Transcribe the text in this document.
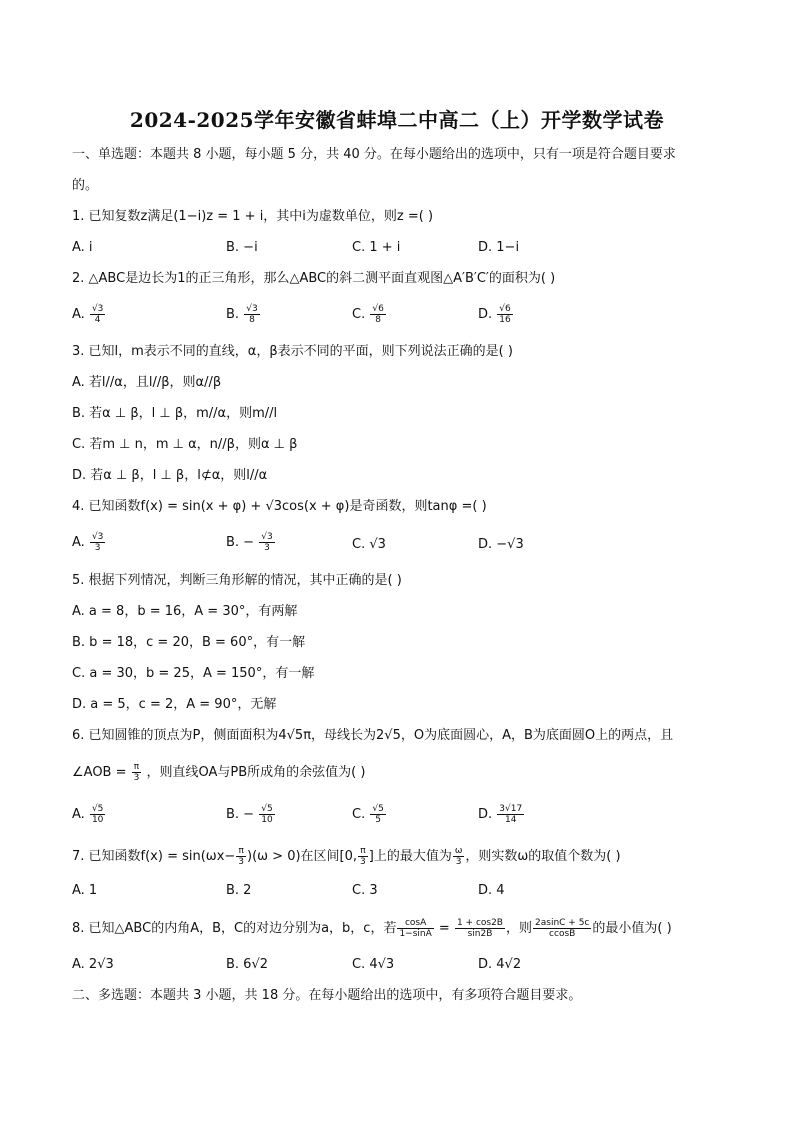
2024-2025学年安徽省蚌埠二中高二（上）开学数学试卷
一、单选题：本题共 8 小题，每小题 5 分，共 40 分。在每小题给出的选项中，只有一项是符合题目要求
的。
1. 已知复数z满足(1−i)z = 1 + i，其中i为虚数单位，则z =( )
A. i	B. −i	C. 1 + i	D. 1−i
2. △ABC是边长为1的正三角形，那么△ABC的斜二测平面直观图△A′B′C′的面积为( )
A. $\frac{√3}{4}$	B. $\frac{√3}{8}$	C. $\frac{√6}{8}$	D. $\frac{√6}{16}$
3. 已知l，m表示不同的直线，α，β表示不同的平面，则下列说法正确的是( )
A. 若l//α，且l//β，则α//β
B. 若α ⊥ β，l ⊥ β，m//α，则m//l
C. 若m ⊥ n，m ⊥ α，n//β，则α ⊥ β
D. 若α ⊥ β，l ⊥ β，l⊄α，则l//α
4. 已知函数f(x) = sin(x + φ) + √3cos(x + φ)是奇函数，则tanφ =( )
A. $\frac{√3}{3}$	B. − $\frac{√3}{3}$	C. √3	D. −√3
5. 根据下列情况，判断三角形解的情况，其中正确的是( )
A. a = 8，b = 16，A = 30°，有两解
B. b = 18，c = 20，B = 60°，有一解
C. a = 30，b = 25，A = 150°，有一解
D. a = 5，c = 2，A = 90°，无解
6. 已知圆锥的顶点为P，侧面面积为4√5π，母线长为2√5，O为底面圆心，A，B为底面圆O上的两点，且
∠AOB = $\frac{\pi}{3}$ ，则直线OA与PB所成角的余弦值为( )
A. $\frac{√5}{10}$	B. − $\frac{√5}{10}$	C. $\frac{√5}{5}$	D. $\frac{3√17}{14}$
7. 已知函数$f(x) = \sin(\omega x- \frac{\pi}{3} )(\omega > 0)$在区间[0, $\frac{\pi}{3}$ ]上的最大值为 $\frac{\omega}{3}$ ，则实数ω的取值个数为( )
A. 1	B. 2	C. 3	D. 4
8. 已知△ABC的内角A，B，C的对边分别为a，b，c，若 $\frac{\cos A}{1-\sin A} = \frac{1 + \cos 2B}{\sin 2B}$ ，则 $\frac{2asinC + 5c}{ccosB}$ 的最小值为( )
A. 2√3	B. 6√2	C. 4√3	D. 4√2
二、多选题：本题共 3 小题，共 18 分。在每小题给出的选项中，有多项符合题目要求。
